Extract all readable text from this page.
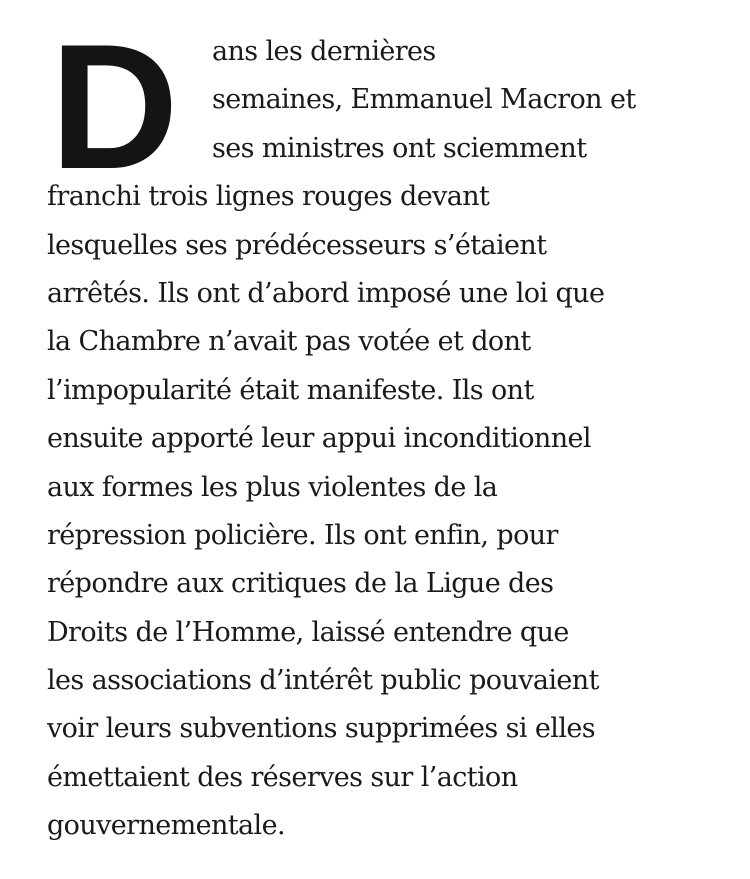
D	ans les dernières
semaines, Emmanuel Macron et
ses ministres ont sciemment
franchi trois lignes rouges devant
lesquelles ses prédécesseurs s’étaient
arrêtés. Ils ont d’abord imposé une loi que
la Chambre n’avait pas votée et dont
l’impopularité était manifeste. Ils ont
ensuite apporté leur appui inconditionnel
aux formes les plus violentes de la
répression policière. Ils ont enfin, pour
répondre aux critiques de la Ligue des
Droits de l’Homme, laissé entendre que
les associations d’intérêt public pouvaient
voir leurs subventions supprimées si elles
émettaient des réserves sur l’action
gouvernementale.
